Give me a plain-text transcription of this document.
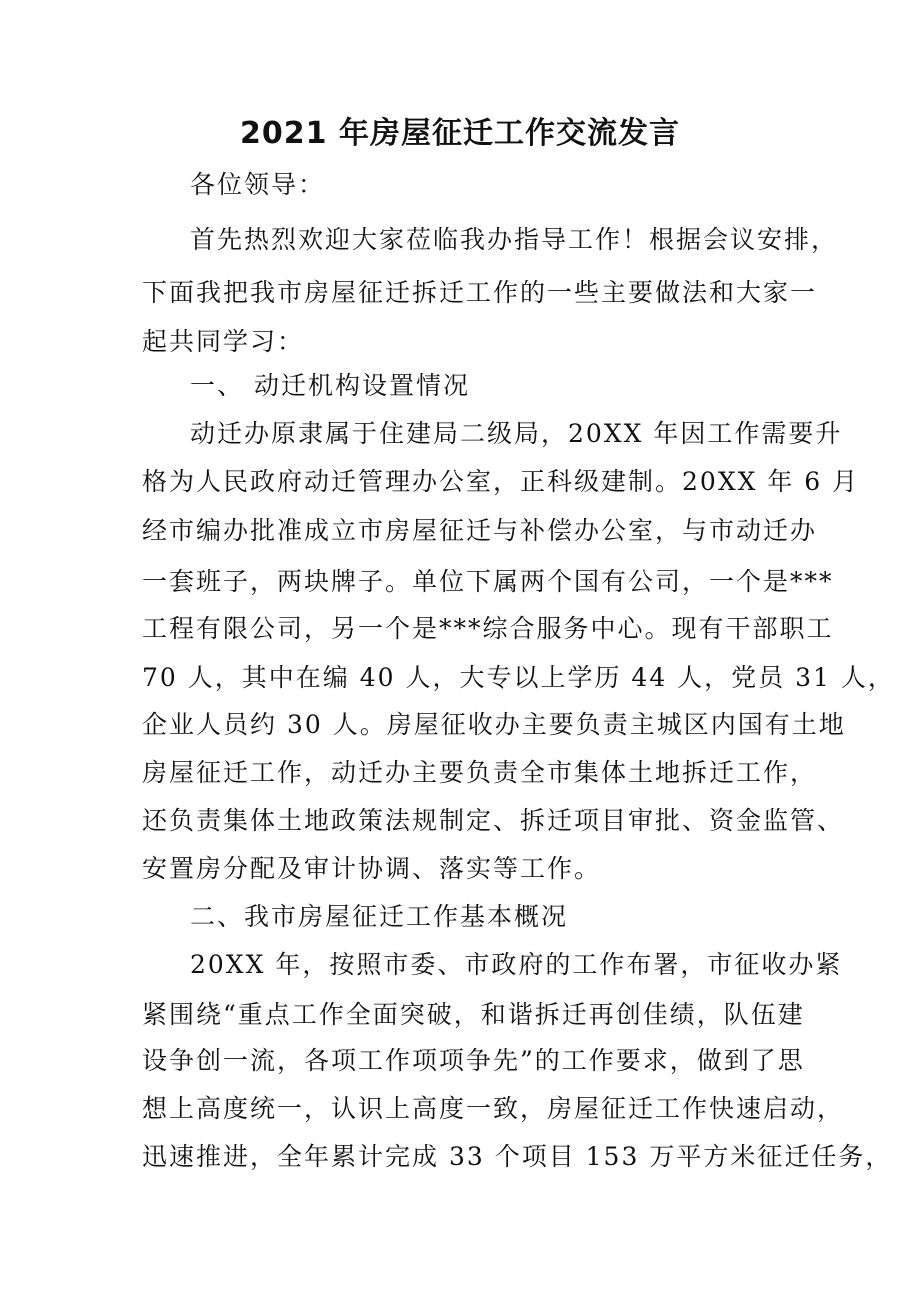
2021 年房屋征迁工作交流发言
各位领导：
首先热烈欢迎大家莅临我办指导工作！根据会议安排，
下面我把我市房屋征迁拆迁工作的一些主要做法和大家一
起共同学习：
一、 动迁机构设置情况
动迁办原隶属于住建局二级局，20XX 年因工作需要升
格为人民政府动迁管理办公室，正科级建制。20XX 年 6 月
经市编办批准成立市房屋征迁与补偿办公室，与市动迁办
一套班子，两块牌子。单位下属两个国有公司，一个是***
工程有限公司，另一个是***综合服务中心。现有干部职工
70 人，其中在编 40 人，大专以上学历 44 人，党员 31 人，
企业人员约 30 人。房屋征收办主要负责主城区内国有土地
房屋征迁工作，动迁办主要负责全市集体土地拆迁工作，
还负责集体土地政策法规制定、拆迁项目审批、资金监管、
安置房分配及审计协调、落实等工作。
二、我市房屋征迁工作基本概况
20XX 年，按照市委、市政府的工作布署，市征收办紧
紧围绕“重点工作全面突破，和谐拆迁再创佳绩，队伍建
设争创一流，各项工作项项争先”的工作要求，做到了思
想上高度统一，认识上高度一致，房屋征迁工作快速启动，
迅速推进，全年累计完成 33 个项目 153 万平方米征迁任务，
